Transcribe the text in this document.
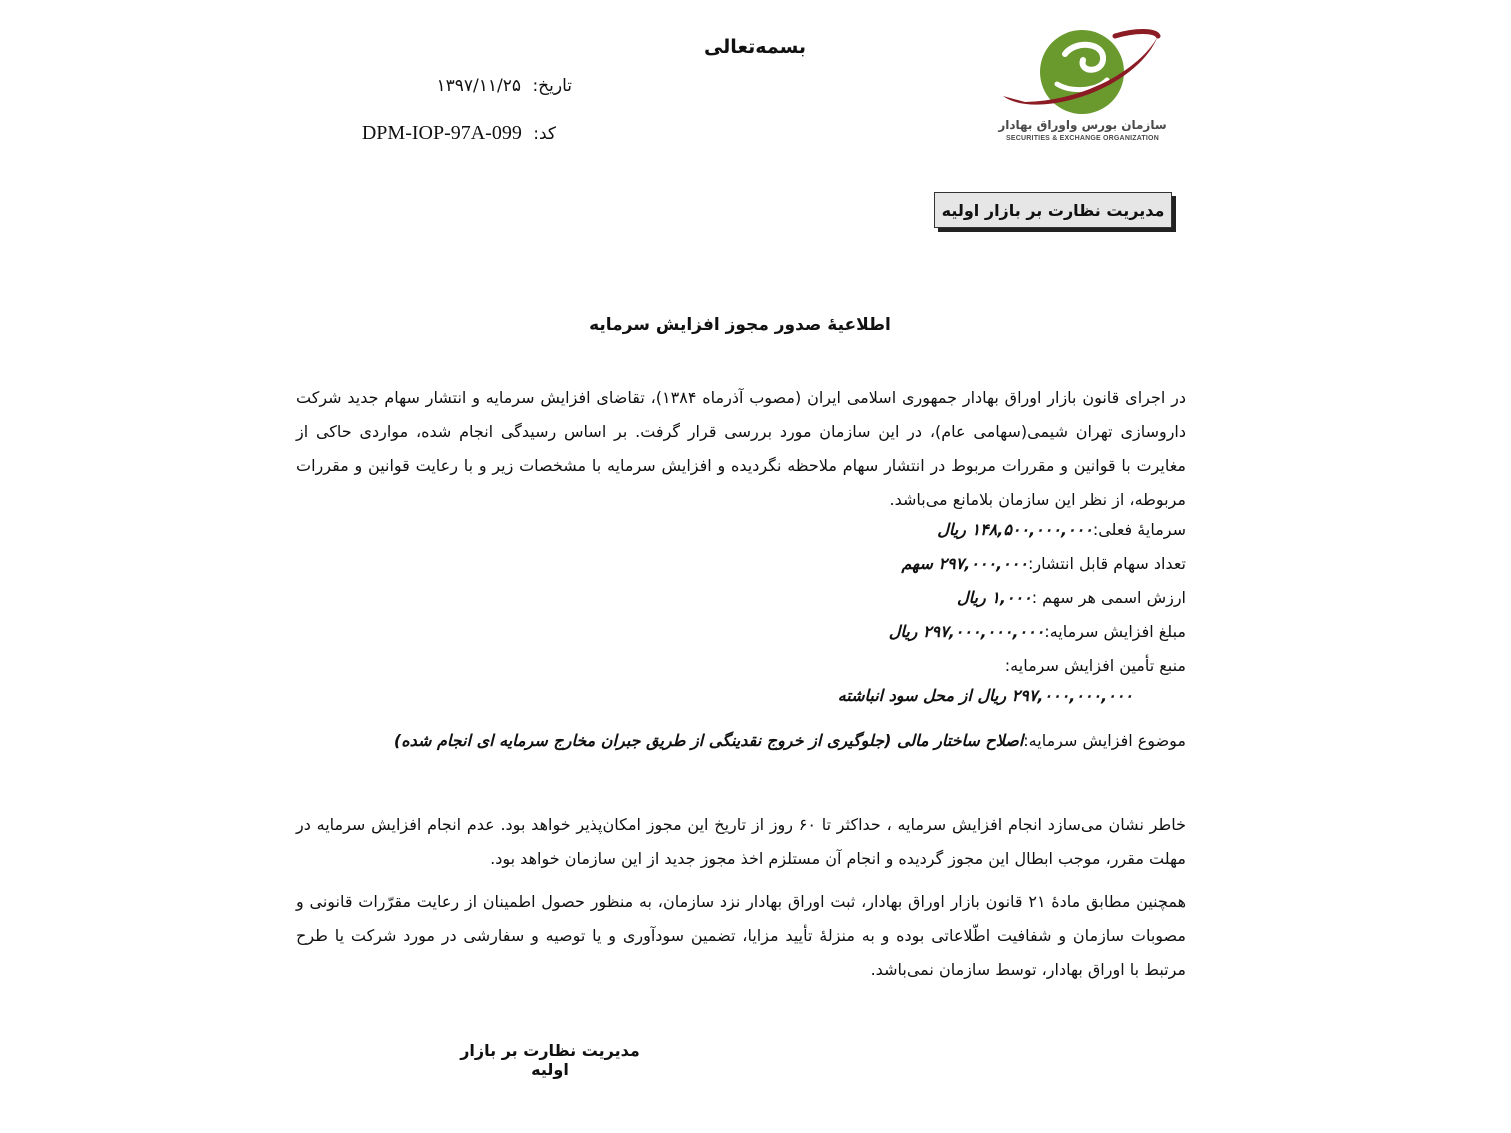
بسمه‌تعالی
تاریخ: ۱۳۹۷/۱۱/۲۵
کد: DPM-IOP-97A-099	سازمان بورس واوراق بهادار
SECURITIES & EXCHANGE ORGANIZATION
مدیریت نظارت بر بازار اولیه
اطلاعیۀ صدور مجوز افزایش سرمایه
در اجرای قانون بازار اوراق بهادار جمهوری اسلامی ایران (مصوب آذرماه ۱۳۸۴)، تقاضای افزایش سرمایه و انتشار سهام جدید شرکت داروسازی تهران شیمی(سهامی عام)، در این سازمان مورد بررسی قرار گرفت. بر اساس رسیدگی انجام شده، مواردی حاکی از مغایرت با قوانین و مقررات مربوط در انتشار سهام ملاحظه نگردیده و افزایش سرمایه با مشخصات زیر و با رعایت قوانین و مقررات مربوطه، از نظر این سازمان بلامانع می‌باشد.
سرمایۀ فعلی:۱۴۸,۵۰۰,۰۰۰,۰۰۰ ریال
تعداد سهام قابل انتشار:۲۹۷,۰۰۰,۰۰۰ سهم
ارزش اسمی هر سهم :۱,۰۰۰ ریال
مبلغ افزایش سرمایه:۲۹۷,۰۰۰,۰۰۰,۰۰۰ ریال
منبع تأمین افزایش سرمایه:
۲۹۷,۰۰۰,۰۰۰,۰۰۰ ریال از محل سود انباشته
موضوع افزایش سرمایه:اصلاح ساختار مالی (جلوگیری از خروج نقدینگی از طریق جبران مخارج سرمایه ای انجام شده)
خاطر نشان می‌سازد انجام افزایش سرمایه ، حداکثر تا ۶۰ روز از تاریخ این مجوز امکان‌پذیر خواهد بود. عدم انجام افزایش سرمایه در مهلت مقرر، موجب ابطال این مجوز گردیده و انجام آن مستلزم اخذ مجوز جدید از این سازمان خواهد بود.
همچنین مطابق مادۀ ۲۱ قانون بازار اوراق بهادار، ثبت اوراق بهادار نزد سازمان، به منظور حصول اطمینان از رعایت مقرّرات قانونی و مصوبات سازمان و شفافیت اطّلاعاتی بوده و به منزلۀ تأیید مزایا، تضمین سودآوری و یا توصیه و سفارشی در مورد شرکت یا طرح مرتبط با اوراق بهادار، توسط سازمان نمی‌باشد.
مدیریت نظارت بر بازار اولیه
